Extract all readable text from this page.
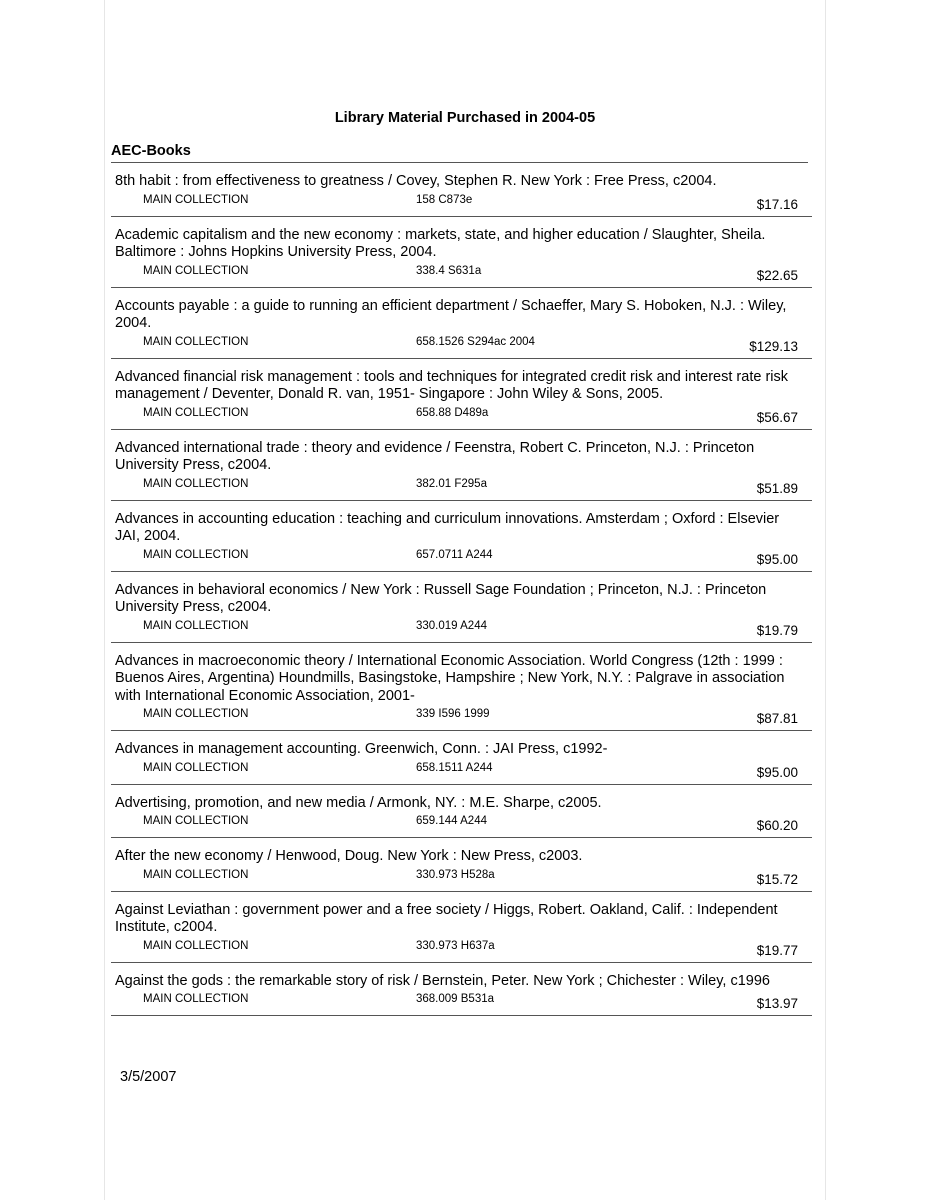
Library Material Purchased in 2004-05
AEC-Books
8th habit : from effectiveness to greatness / Covey, Stephen R. New York : Free Press, c2004.
MAIN COLLECTION	158 C873e	$17.16
Academic capitalism and the new economy : markets, state, and higher education / Slaughter, Sheila. Baltimore : Johns Hopkins University Press, 2004.
MAIN COLLECTION	338.4 S631a	$22.65
Accounts payable : a guide to running an efficient department / Schaeffer, Mary S. Hoboken, N.J. : Wiley, 2004.
MAIN COLLECTION	658.1526 S294ac 2004	$129.13
Advanced financial risk management : tools and techniques for integrated credit risk and interest rate risk management / Deventer, Donald R. van, 1951- Singapore : John Wiley & Sons, 2005.
MAIN COLLECTION	658.88 D489a	$56.67
Advanced international trade : theory and evidence / Feenstra, Robert C. Princeton, N.J. : Princeton University Press, c2004.
MAIN COLLECTION	382.01 F295a	$51.89
Advances in accounting education : teaching and curriculum innovations. Amsterdam ; Oxford : Elsevier JAI, 2004.
MAIN COLLECTION	657.0711 A244	$95.00
Advances in behavioral economics / New York : Russell Sage Foundation ; Princeton, N.J. : Princeton University Press, c2004.
MAIN COLLECTION	330.019 A244	$19.79
Advances in macroeconomic theory / International Economic Association. World Congress (12th : 1999 : Buenos Aires, Argentina) Houndmills, Basingstoke, Hampshire ; New York, N.Y. : Palgrave in association with International Economic Association, 2001-
MAIN COLLECTION	339 I596 1999	$87.81
Advances in management accounting. Greenwich, Conn. : JAI Press, c1992-
MAIN COLLECTION	658.1511 A244	$95.00
Advertising, promotion, and new media / Armonk, NY. : M.E. Sharpe, c2005.
MAIN COLLECTION	659.144 A244	$60.20
After the new economy / Henwood, Doug. New York : New Press, c2003.
MAIN COLLECTION	330.973 H528a	$15.72
Against Leviathan : government power and a free society / Higgs, Robert. Oakland, Calif. : Independent Institute, c2004.
MAIN COLLECTION	330.973 H637a	$19.77
Against the gods : the remarkable story of risk / Bernstein, Peter. New York ; Chichester : Wiley, c1996
MAIN COLLECTION	368.009 B531a	$13.97
3/5/2007
